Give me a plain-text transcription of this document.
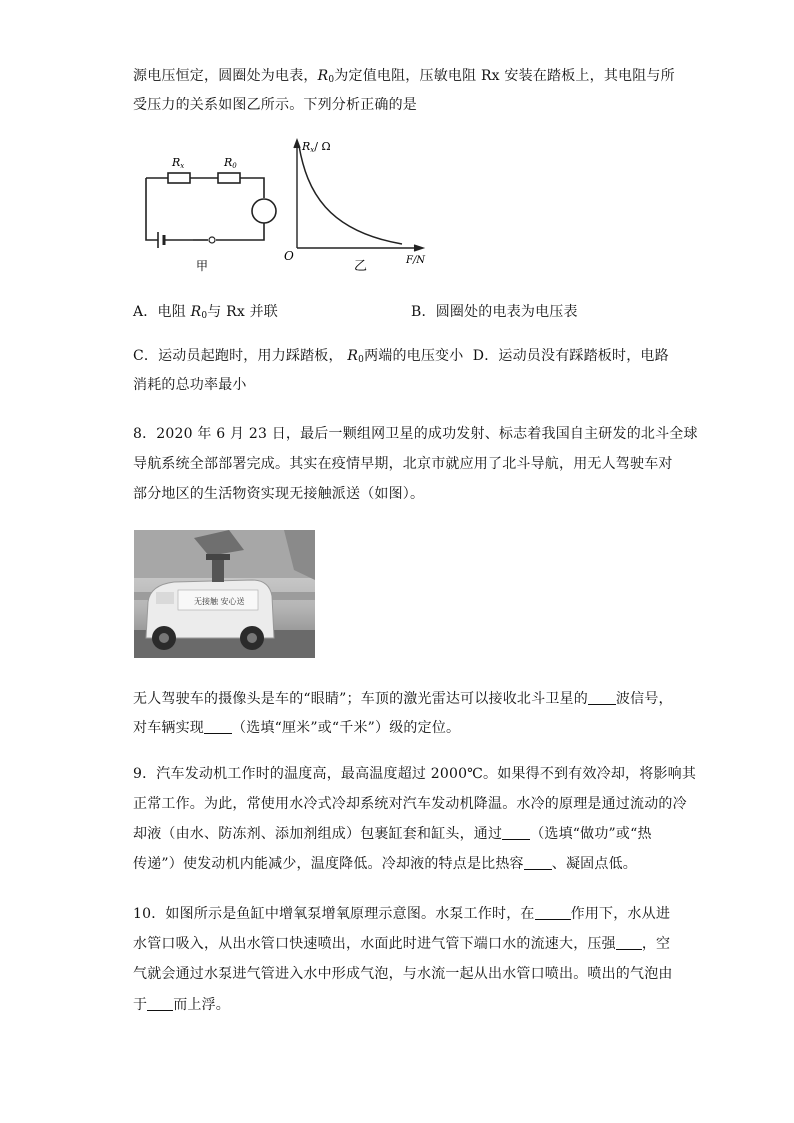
源电压恒定，圆圈处为电表，$R_0$为定值电阻，压敏电阻 Rx 安装在踏板上，其电阻与所
受压力的关系如图乙所示。下列分析正确的是
Rx	R0
甲
Rx/ Ω
O
乙	F/N
A．电阻 $R_0$与 Rx 并联	B．圆圈处的电表为电压表
C．运动员起跑时，用力踩踏板， $R_0$两端的电压变小 D．运动员没有踩踏板时，电路
消耗的总功率最小
8．2020 年 6 月 23 日，最后一颗组网卫星的成功发射、标志着我国自主研发的北斗全球
导航系统全部部署完成。其实在疫情早期，北京市就应用了北斗导航，用无人驾驶车对
部分地区的生活物资实现无接触派送（如图）。
无接触 安心送
无人驾驶车的摄像头是车的“眼睛”；车顶的激光雷达可以接收北斗卫星的 波信号，
对车辆实现 （选填“厘米”或“千米”）级的定位。
9．汽车发动机工作时的温度高，最高温度超过 2000℃。如果得不到有效冷却，将影响其
正常工作。为此，常使用水冷式冷却系统对汽车发动机降温。水冷的原理是通过流动的冷
却液（由水、防冻剂、添加剂组成）包裹缸套和缸头，通过 （选填“做功”或“热
传递”）使发动机内能减少，温度降低。冷却液的特点是比热容 、凝固点低。
10．如图所示是鱼缸中增氧泵增氧原理示意图。水泵工作时，在	作用下，水从进
水管口吸入，从出水管口快速喷出，水面此时进气管下端口水的流速大，压强 ，空
气就会通过水泵进气管进入水中形成气泡，与水流一起从出水管口喷出。喷出的气泡由
于 而上浮。
